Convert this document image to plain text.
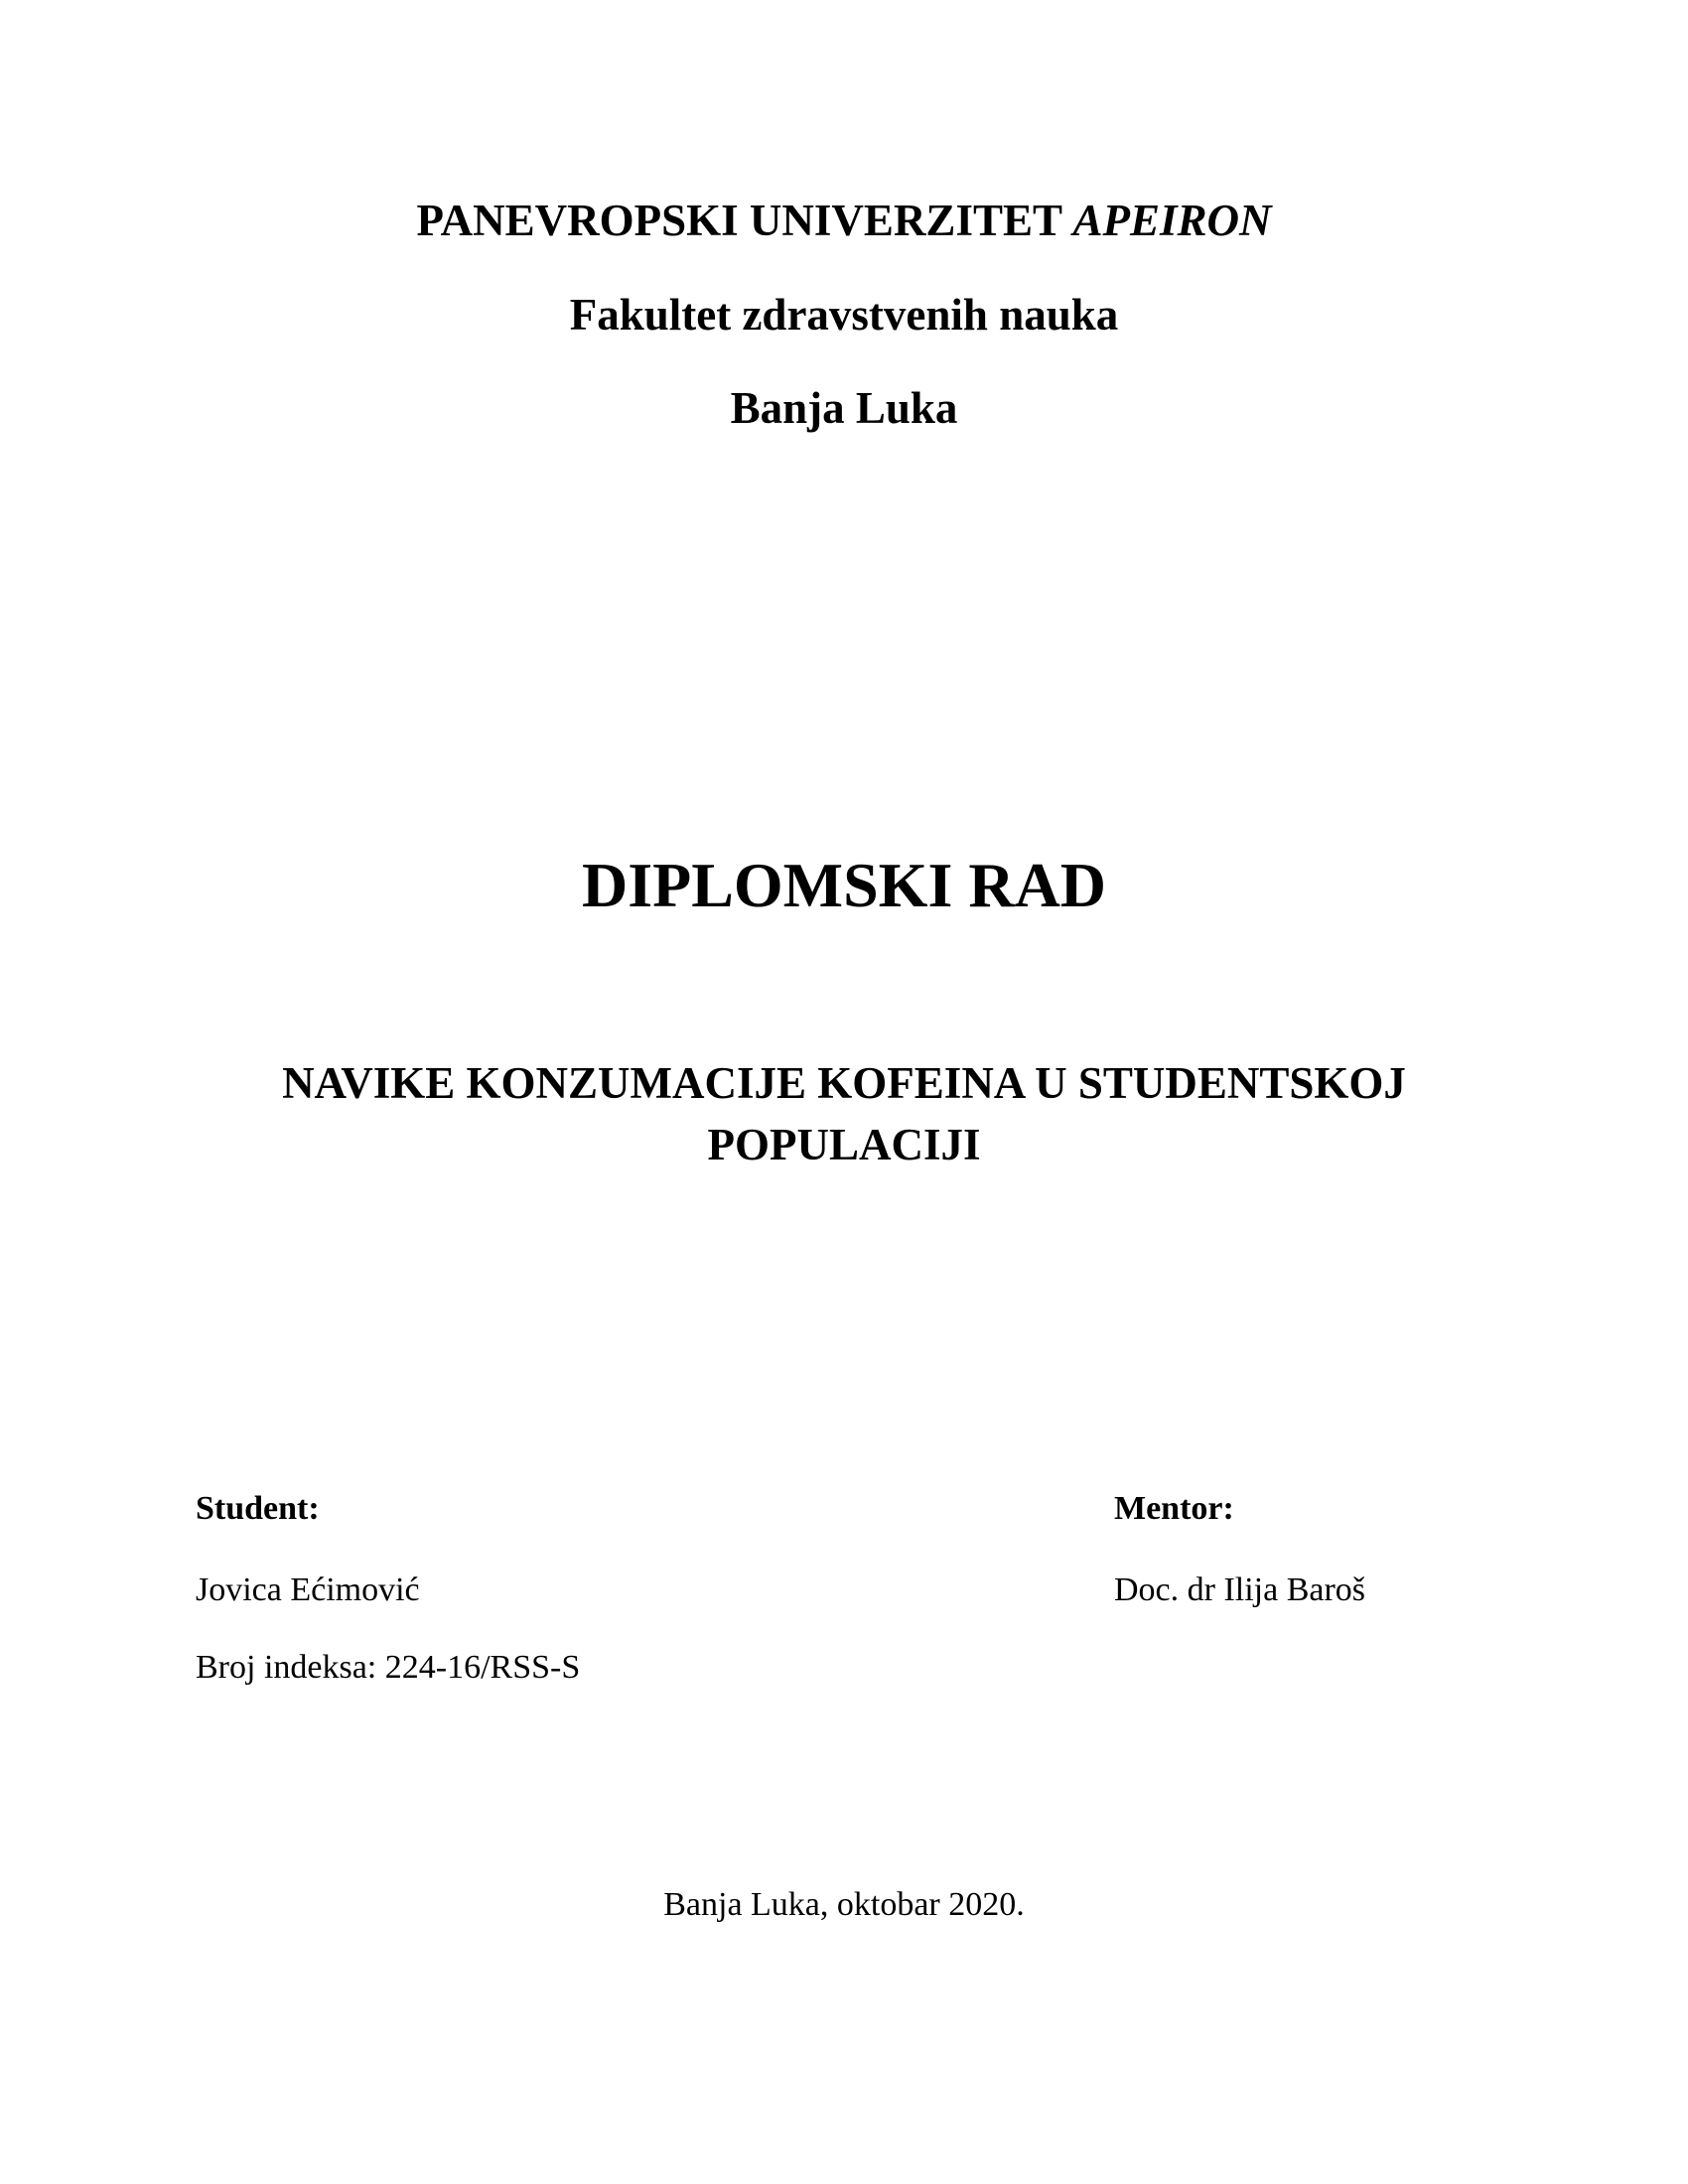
PANEVROPSKI UNIVERZITET APEIRON
Fakultet zdravstvenih nauka
Banja Luka
DIPLOMSKI RAD
NAVIKE KONZUMACIJE KOFEINA U STUDENTSKOJ
POPULACIJI
Student:
Jovica Ećimović
Broj indeksa: 224-16/RSS-S
Mentor:
Doc. dr Ilija Baroš
Banja Luka, oktobar 2020.
